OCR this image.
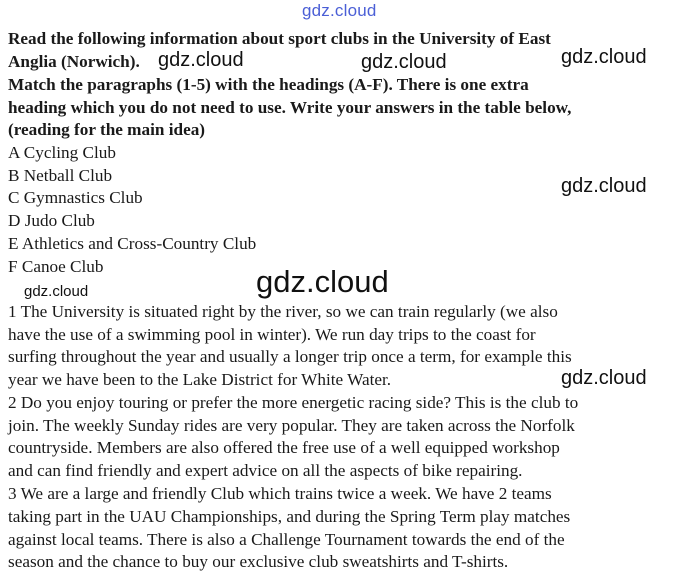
gdz.cloud
Read the following information about sport clubs in the University of East
Anglia (Norwich).
Match the paragraphs (1-5) with the headings (A-F). There is one extra
heading which you do not need to use. Write your answers in the table below,
(reading for the main idea)
A Cycling Club
B Netball Club
C Gymnastics Club
D Judo Club
E Athletics and Cross-Country Club
F Canoe Club
1 The University is situated right by the river, so we can train regularly (we also
have the use of a swimming pool in winter). We run day trips to the coast for
surfing throughout the year and usually a longer trip once a term, for example this
year we have been to the Lake District for White Water.
2 Do you enjoy touring or prefer the more energetic racing side? This is the club to
join. The weekly Sunday rides are very popular. They are taken across the Norfolk
countryside. Members are also offered the free use of a well equipped workshop
and can find friendly and expert advice on all the aspects of bike repairing.
3 We are a large and friendly Club which trains twice a week. We have 2 teams
taking part in the UAU Championships, and during the Spring Term play matches
against local teams. There is also a Challenge Tournament towards the end of the
season and the chance to buy our exclusive club sweatshirts and T-shirts.
gdz.cloud	gdz.cloud	gdz.cloud
gdz.cloud
gdz.cloud
gdz.cloud
gdz.cloud
